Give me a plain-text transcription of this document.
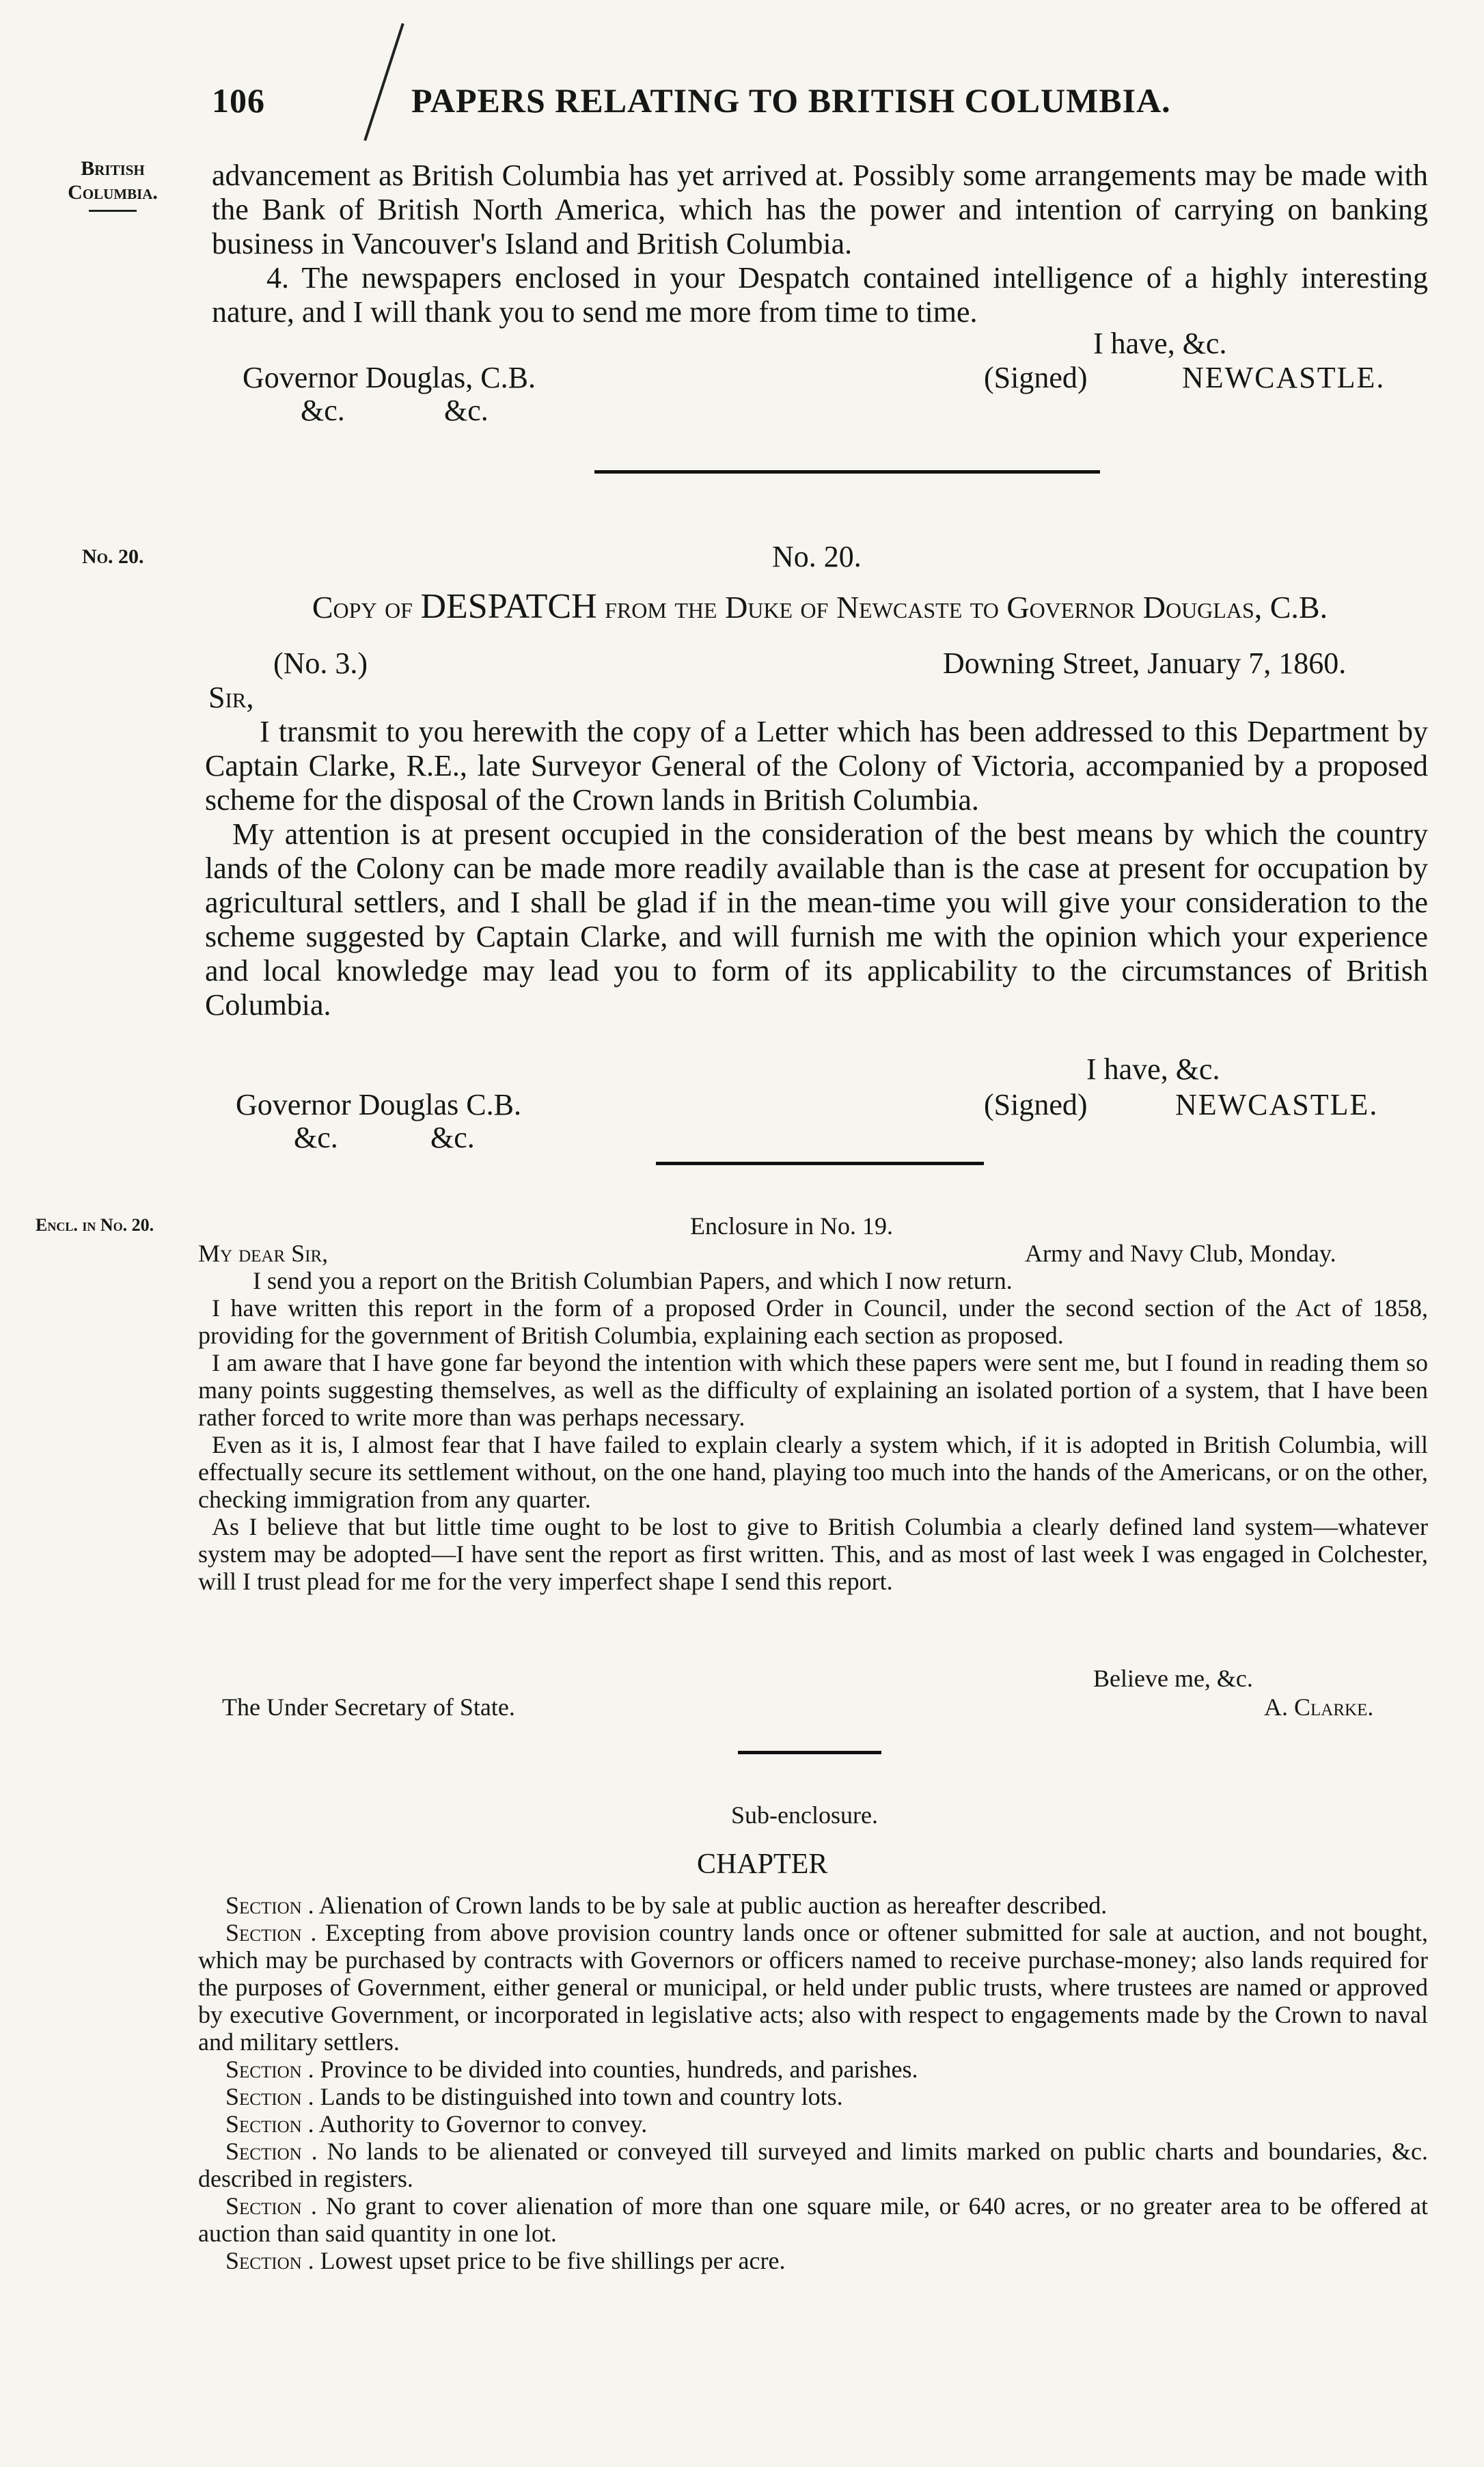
106	PAPERS RELATING TO BRITISH COLUMBIA.
British
Columbia.	advancement as British Columbia has yet arrived at. Possibly some arrangements may be made with the Bank of British North America, which has the power and intention of carrying on banking business in Vancouver's Island and British Columbia.

4. The newspapers enclosed in your Despatch contained intelligence of a highly interesting nature, and I will thank you to send me more from time to time.

I have, &c.
Governor Douglas, C.B.	(Signed)	NEWCASTLE.
&c.	&c.
No. 20.	No. 20.
Copy of DESPATCH from the Duke of Newcaste to Governor Douglas, C.B.
(No. 3.)	Downing Street, January 7, 1860.
Sir,

I transmit to you herewith the copy of a Letter which has been addressed to this Department by Captain Clarke, R.E., late Surveyor General of the Colony of Victoria, accompanied by a proposed scheme for the disposal of the Crown lands in British Columbia.

My attention is at present occupied in the consideration of the best means by which the country lands of the Colony can be made more readily available than is the case at present for occupation by agricultural settlers, and I shall be glad if in the mean-time you will give your consideration to the scheme suggested by Captain Clarke, and will furnish me with the opinion which your experience and local knowledge may lead you to form of its applicability to the circumstances of British Columbia.

I have, &c.
Governor Douglas C.B.	(Signed)	NEWCASTLE.
&c.	&c.
Encl. in No. 20.	Enclosure in No. 19.
My dear Sir,	Army and Navy Club, Monday.

I send you a report on the British Columbian Papers, and which I now return.

I have written this report in the form of a proposed Order in Council, under the second section of the Act of 1858, providing for the government of British Columbia, explaining each section as proposed.

I am aware that I have gone far beyond the intention with which these papers were sent me, but I found in reading them so many points suggesting themselves, as well as the difficulty of explaining an isolated portion of a system, that I have been rather forced to write more than was perhaps necessary.

Even as it is, I almost fear that I have failed to explain clearly a system which, if it is adopted in British Columbia, will effectually secure its settlement without, on the one hand, playing too much into the hands of the Americans, or on the other, checking immigration from any quarter.

As I believe that but little time ought to be lost to give to British Columbia a clearly defined land system—whatever system may be adopted—I have sent the report as first written. This, and as most of last week I was engaged in Colchester, will I trust plead for me for the very imperfect shape I send this report.

Believe me, &c.
The Under Secretary of State.	A. Clarke.
Sub-enclosure.
CHAPTER

Section . Alienation of Crown lands to be by sale at public auction as hereafter described.

Section . Excepting from above provision country lands once or oftener submitted for sale at auction, and not bought, which may be purchased by contracts with Governors or officers named to receive purchase-money; also lands required for the purposes of Government, either general or municipal, or held under public trusts, where trustees are named or approved by executive Government, or incorporated in legislative acts; also with respect to engagements made by the Crown to naval and military settlers.

Section . Province to be divided into counties, hundreds, and parishes.

Section . Lands to be distinguished into town and country lots.

Section . Authority to Governor to convey.

Section . No lands to be alienated or conveyed till surveyed and limits marked on public charts and boundaries, &c. described in registers.

Section . No grant to cover alienation of more than one square mile, or 640 acres, or no greater area to be offered at auction than said quantity in one lot.

Section . Lowest upset price to be five shillings per acre.
